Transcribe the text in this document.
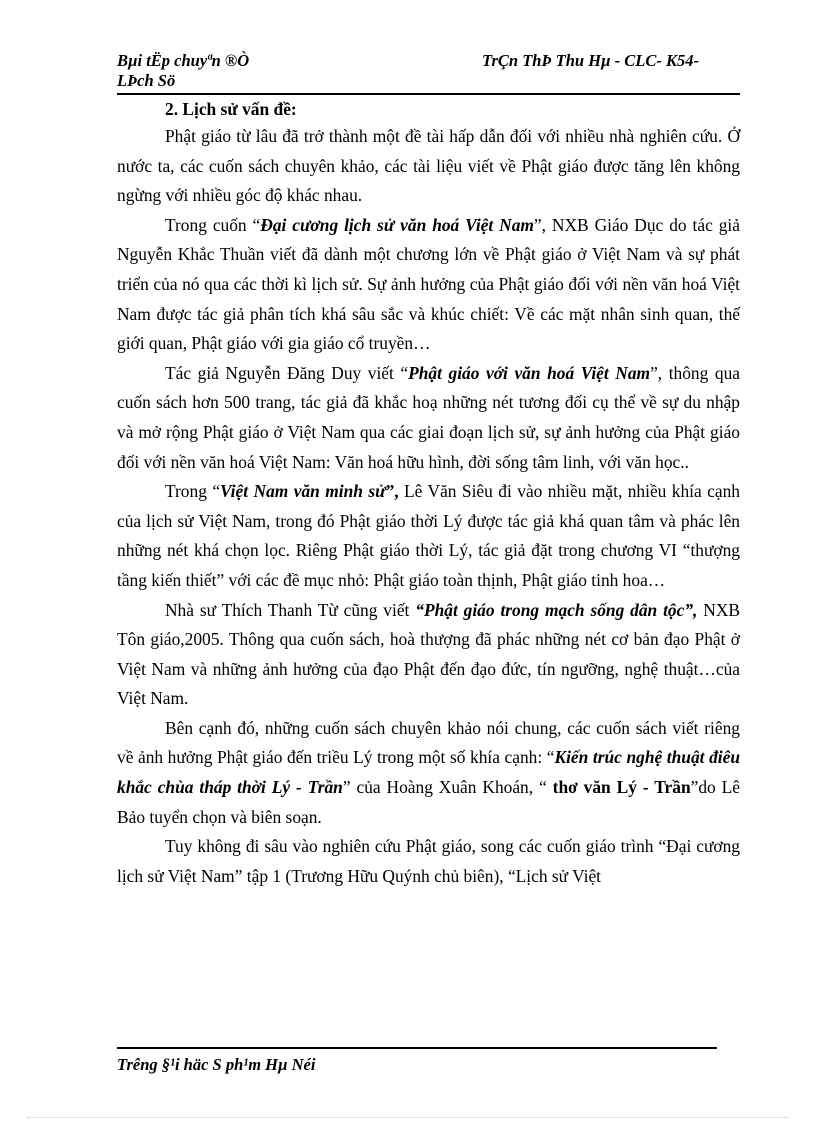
Bµi tËp chuyªn ®Ò
LÞch Sö
TrÇn ThÞ Thu Hµ - CLC- K54-
2. Lịch sử vấn đề:

Phật giáo từ lâu đã trở thành một đề tài hấp dẫn đối với nhiều nhà nghiên cứu. Ở nước ta, các cuốn sách chuyên khảo, các tài liệu viết về Phật giáo được tăng lên không ngừng với nhiều góc độ khác nhau.

Trong cuốn “Đại cương lịch sử văn hoá Việt Nam”, NXB Giáo Dục do tác giả Nguyễn Khắc Thuần viết đã dành một chương lớn về Phật giáo ở Việt Nam và sự phát triển của nó qua các thời kì lịch sử. Sự ảnh hưởng của Phật giáo đối với nền văn hoá Việt Nam được tác giả phân tích khá sâu sắc và khúc chiết: Về các mặt nhân sinh quan, thế giới quan, Phật giáo với gia giáo cổ truyền…

Tác giả Nguyễn Đăng Duy viết “Phật giáo với văn hoá Việt Nam”, thông qua cuốn sách hơn 500 trang, tác giả đã khắc hoạ những nét tương đối cụ thể về sự du nhập và mở rộng Phật giáo ở Việt Nam qua các giai đoạn lịch sử, sự ảnh hưởng của Phật giáo đối với nền văn hoá Việt Nam: Văn hoá hữu hình, đời sống tâm linh, với văn học..

Trong “Việt Nam văn minh sử”, Lê Văn Siêu đi vào nhiều mặt, nhiều khía cạnh của lịch sử Việt Nam, trong đó Phật giáo thời Lý được tác giả khá quan tâm và phác lên những nét khá chọn lọc. Riêng Phật giáo thời Lý, tác giả đặt trong chương VI “thượng tầng kiến thiết” với các đề mục nhỏ: Phật giáo toàn thịnh, Phật giáo tinh hoa…

Nhà sư Thích Thanh Từ cũng viết “Phật giáo trong mạch sống dân tộc”, NXB Tôn giáo,2005. Thông qua cuốn sách, hoà thượng đã phác những nét cơ bản đạo Phật ở Việt Nam và những ảnh hưởng của đạo Phật đến đạo đức, tín ngưỡng, nghệ thuật…của Việt Nam.

Bên cạnh đó, những cuốn sách chuyên khảo nói chung, các cuốn sách viết riêng về ảnh hưởng Phật giáo đến triều Lý trong một số khía cạnh: “Kiến trúc nghệ thuật điêu khắc chùa tháp thời Lý - Trần” của Hoàng Xuân Khoán, “ thơ văn Lý - Trần”do Lê Bảo tuyển chọn và biên soạn.

Tuy không đi sâu vào nghiên cứu Phật giáo, song các cuốn giáo trình “Đại cương lịch sử Việt Nam” tập 1 (Trương Hữu Quýnh chủ biên), “Lịch sử Việt

Trêng §¹i häc S ph¹m Hµ Néi
